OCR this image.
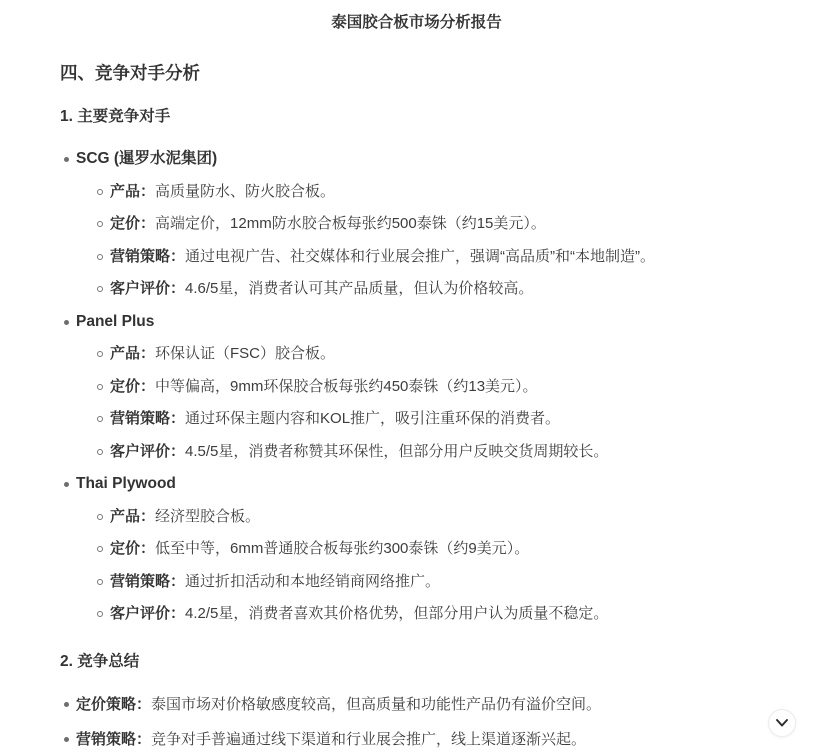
泰国胶合板市场分析报告
四、竞争对手分析
1. 主要竞争对手
SCG (暹罗水泥集团)
产品：高质量防水、防火胶合板。
定价：高端定价，12mm防水胶合板每张约500泰铢（约15美元）。
营销策略：通过电视广告、社交媒体和行业展会推广，强调“高品质”和“本地制造”。
客户评价：4.6/5星，消费者认可其产品质量，但认为价格较高。
Panel Plus
产品：环保认证（FSC）胶合板。
定价：中等偏高，9mm环保胶合板每张约450泰铢（约13美元）。
营销策略：通过环保主题内容和KOL推广，吸引注重环保的消费者。
客户评价：4.5/5星，消费者称赞其环保性，但部分用户反映交货周期较长。
Thai Plywood
产品：经济型胶合板。
定价：低至中等，6mm普通胶合板每张约300泰铢（约9美元）。
营销策略：通过折扣活动和本地经销商网络推广。
客户评价：4.2/5星，消费者喜欢其价格优势，但部分用户认为质量不稳定。
2. 竞争总结
定价策略：泰国市场对价格敏感度较高，但高质量和功能性产品仍有溢价空间。
营销策略：竞争对手普遍通过线下渠道和行业展会推广，线上渠道逐渐兴起。
